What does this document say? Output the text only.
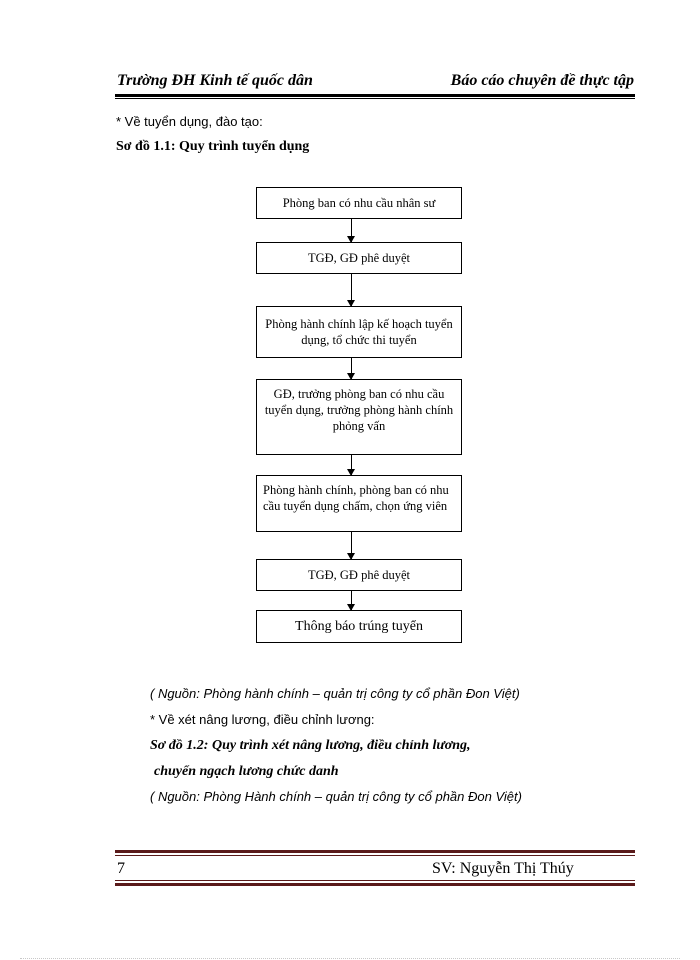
Trường ĐH Kinh tế quốc dân	Báo cáo chuyên đề thực tập
* Về tuyển dụng, đào tạo:
Sơ đồ 1.1: Quy trình tuyển dụng
Phòng ban có nhu cầu nhân sư
TGĐ, GĐ phê duyệt
Phòng hành chính lập kế hoạch tuyển dụng, tổ chức thi tuyển
GĐ, trưởng phòng ban có nhu cầu tuyển dụng, trưởng phòng hành chính phỏng vấn
Phòng hành chính, phòng ban có nhu cầu tuyển dụng chấm, chọn ứng viên
TGĐ, GĐ phê duyệt
Thông báo trúng tuyển
( Nguồn: Phòng hành chính – quản trị công ty cổ phần Đon Việt)
* Về xét nâng lương, điều chỉnh lương:
Sơ đồ 1.2: Quy trình xét nâng lương, điều chỉnh lương,
chuyển ngạch lương chức danh
( Nguồn: Phòng Hành chính – quản trị công ty cổ phần Đon Việt)
7	SV: Nguyễn Thị Thúy
